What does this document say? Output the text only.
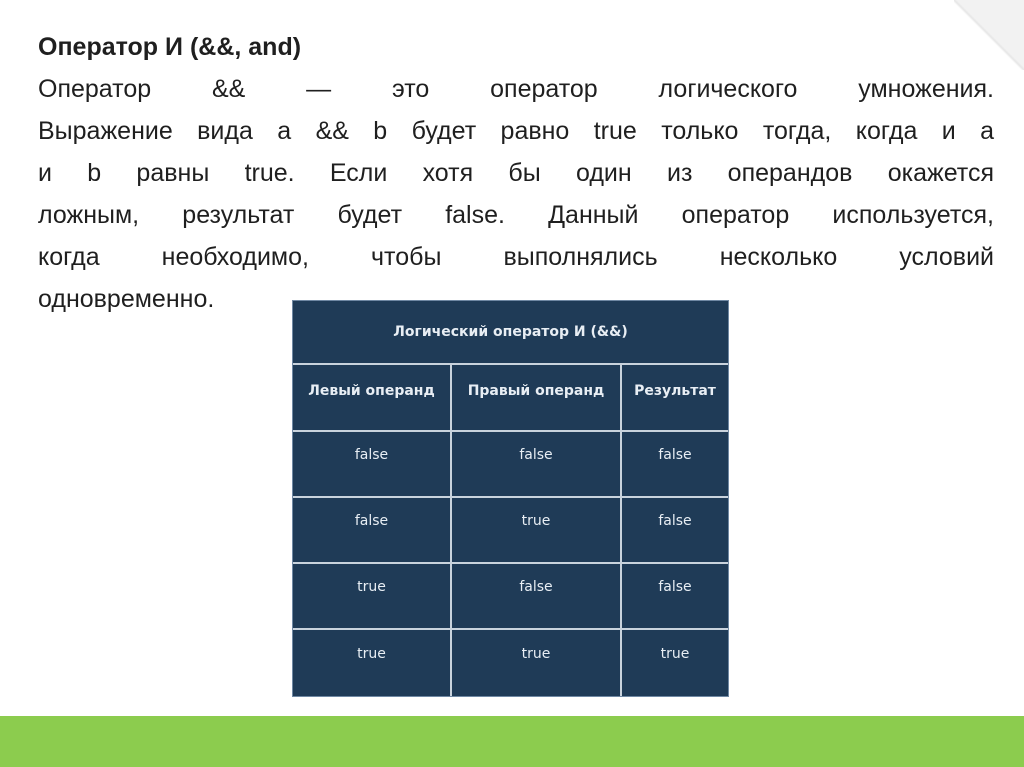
Оператор И (&&, and)

Оператор && — это оператор логического умножения.
Выражение вида a && b будет равно true только тогда, когда и a
и b равны true. Если хотя бы один из операндов окажется
ложным, результат будет false. Данный оператор используется,
когда необходимо, чтобы выполнялись несколько условий
одновременно.
Логический оператор И (&&)
Левый операнд	Правый операнд	Результат
false	false	false
false	true	false
true	false	false
true	true	true
